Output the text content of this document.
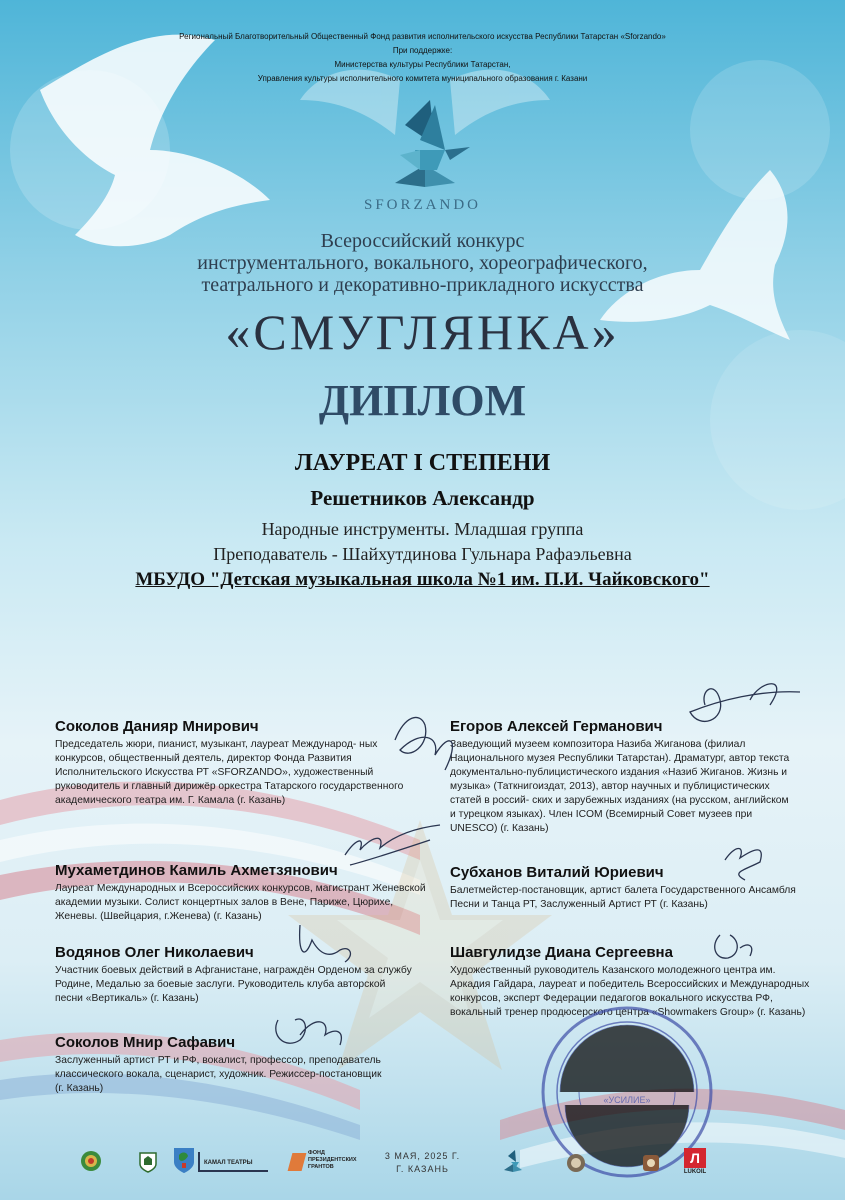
Региональный Благотворительный Общественный Фонд развития исполнительского искусства Республики Татарстан «Sforzando»
При поддержке:
Министерства культуры Республики Татарстан,
Управления культуры исполнительного комитета муниципального образования г. Казани
SFORZANDO
Всероссийский конкурс
инструментального, вокального, хореографического,
театрального и декоративно-прикладного искусства
«СМУГЛЯНКА»
ДИПЛОМ
ЛАУРЕАТ I СТЕПЕНИ
Решетников Александр
Народные инструменты. Младшая группа
Преподаватель - Шайхутдинова Гульнара Рафаэльевна
МБУДО "Детская музыкальная школа №1 им. П.И. Чайковского"
Соколов Данияр Мнирович
Председатель жюри, пианист, музыкант, лауреат Международ- ных конкурсов, общественный деятель, директор Фонда Развития Исполнительского Искусства РТ «SFORZANDO», художественный руководитель и главный дирижёр оркестра Татарского государственного академического театра им. Г. Камала (г. Казань)
Мухаметдинов Камиль Ахметзянович
Лауреат Международных и Всероссийских конкурсов, магистрант Женевской академии музыки. Солист концертных залов в Вене, Париже, Цюрихе, Женевы. (Швейцария, г.Женева) (г. Казань)
Водянов Олег Николаевич
Участник боевых действий в Афганистане, награждён Орденом за службу Родине, Медалью за боевые заслуги. Руководитель клуба авторской песни «Вертикаль» (г. Казань)
Соколов Мнир Сафавич
Заслуженный артист РТ и РФ, вокалист, профессор, преподаватель классического вокала, сценарист, художник. Режиссер-постановщик (г. Казань)
Егоров Алексей Германович
Заведующий музеем композитора Назиба Жиганова (филиал Национального музея Республики Татарстан). Драматург, автор текста документально-публицистического издания «Назиб Жиганов. Жизнь и музыка» (Таткнигоиздат, 2013), автор научных и публицистических статей в россий- ских и зарубежных изданиях (на русском, английском и турецком языках). Член ICOM (Всемирный Совет музеев при UNESCO) (г. Казань)
Субханов Виталий Юриевич
Балетмейстер-постановщик, артист балета Государственного Ансамбля Песни и Танца РТ, Заслуженный Артист РТ (г. Казань)
Шавгулидзе Диана Сергеевна
Художественный руководитель Казанского молодежного центра им. Аркадия Гайдара, лауреат и победитель Всероссийских и Международных конкурсов, эксперт Федерации педагогов вокального искусства РФ, вокальный тренер продюсерского центра «Showmakers Group» (г. Казань)
«УСИЛИЕ»
КАМАЛ ТЕАТРЫ
ФОНД
ПРЕЗИДЕНТСКИХ
ГРАНТОВ
3 МАЯ, 2025 Г.
Г. КАЗАНЬ
Л
LUKOIL
